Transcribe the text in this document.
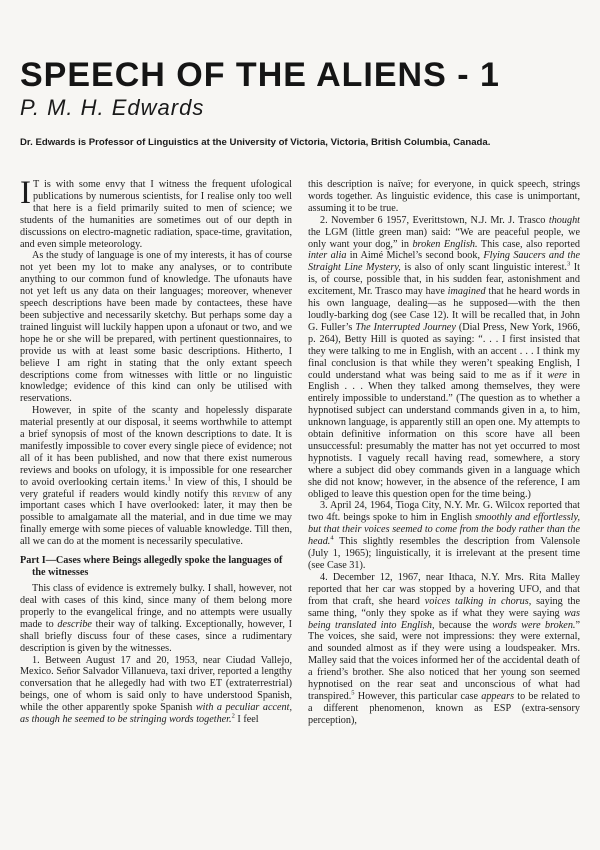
SPEECH OF THE ALIENS - 1
P. M. H. Edwards
Dr. Edwards is Professor of Linguistics at the University of Victoria, Victoria, British Columbia, Canada.

I T is with some envy that I witness the frequent ufological publications by numerous scientists, for I realise only too well that here is a field primarily suited to men of science; we students of the humanities are sometimes out of our depth in discussions on electro-magnetic radiation, space-time, gravitation, and even simple meteorology.

As the study of language is one of my interests, it has of course not yet been my lot to make any analyses, or to contribute anything to our common fund of knowledge. The ufonauts have not yet left us any data on their languages; moreover, whenever speech descriptions have been made by contactees, these have been subjective and necessarily sketchy. But perhaps some day a trained linguist will luckily happen upon a ufonaut or two, and we hope he or she will be prepared, with pertinent questionnaires, to provide us with at least some basic descriptions. Hitherto, I believe I am right in stating that the only extant speech descriptions come from witnesses with little or no linguistic knowledge; evidence of this kind can only be utilised with reservations.

However, in spite of the scanty and hopelessly disparate material presently at our disposal, it seems worthwhile to attempt a brief synopsis of most of the known descriptions to date. It is manifestly impossible to cover every single piece of evidence; not all of it has been published, and now that there exist numerous reviews and books on ufology, it is impossible for one researcher to avoid overlooking certain items.$^1$ In view of this, I should be very grateful if readers would kindly notify this review of any important cases which I have overlooked: later, it may then be possible to amalgamate all the material, and in due time we may finally emerge with some pieces of valuable knowledge. Till then, all we can do at the moment is necessarily speculative.

Part I—Cases where Beings allegedly spoke the languages of the witnesses

This class of evidence is extremely bulky. I shall, however, not deal with cases of this kind, since many of them belong more properly to the evangelical fringe, and no attempts were usually made to describe their way of talking. Exceptionally, however, I shall briefly discuss four of these cases, since a rudimentary description is given by the witnesses.

1. Between August 17 and 20, 1953, near Ciudad Vallejo, Mexico. Señor Salvador Villanueva, taxi driver, reported a lengthy conversation that he allegedly had with two ET (extraterrestrial) beings, one of whom is said only to have understood Spanish, while the other apparently spoke Spanish with a peculiar accent, as though he seemed to be stringing words together.$^2$ I feel

this description is naïve; for everyone, in quick speech, strings words together. As linguistic evidence, this case is unimportant, assuming it to be true.

2. November 6 1957, Everittstown, N.J. Mr. J. Trasco thought the LGM (little green man) said: “We are peaceful people, we only want your dog,” in broken English. This case, also reported inter alia in Aimé Michel’s second book, Flying Saucers and the Straight Line Mystery, is also of only scant linguistic interest.$^3$ It is, of course, possible that, in his sudden fear, astonishment and excitement, Mr. Trasco may have imagined that he heard words in his own language, dealing—as he supposed—with the then loudly-barking dog (see Case 12). It will be recalled that, in John G. Fuller’s The Interrupted Journey (Dial Press, New York, 1966, p. 264), Betty Hill is quoted as saying: “. . . I first insisted that they were talking to me in English, with an accent . . . I think my final conclusion is that while they weren’t speaking English, I could understand what was being said to me as if it were in English . . . When they talked among themselves, they were entirely impossible to understand.” (The question as to whether a hypnotised subject can understand commands given in a, to him, unknown language, is apparently still an open one. My attempts to obtain definitive information on this score have all been unsuccessful: presumably the matter has not yet occurred to most hypnotists. I vaguely recall having read, somewhere, a story where a subject did obey commands given in a language which she did not know; however, in the absence of the reference, I am obliged to leave this question open for the time being.)

3. April 24, 1964, Tioga City, N.Y. Mr. G. Wilcox reported that two 4ft. beings spoke to him in English smoothly and effortlessly, but that their voices seemed to come from the body rather than the head.$^4$ This slightly resembles the description from Valensole (July 1, 1965); linguistically, it is irrelevant at the present time (see Case 31).

4. December 12, 1967, near Ithaca, N.Y. Mrs. Rita Malley reported that her car was stopped by a hovering UFO, and that from that craft, she heard voices talking in chorus, saying the same thing, “only they spoke as if what they were saying was being translated into English, because the words were broken.” The voices, she said, were not impressions: they were external, and sounded almost as if they were using a loudspeaker. Mrs. Malley said that the voices informed her of the accidental death of a friend’s brother. She also noticed that her young son seemed hypnotised on the rear seat and unconscious of what had transpired.$^5$ However, this particular case appears to be related to a different phenomenon, known as ESP (extra-sensory perception),
